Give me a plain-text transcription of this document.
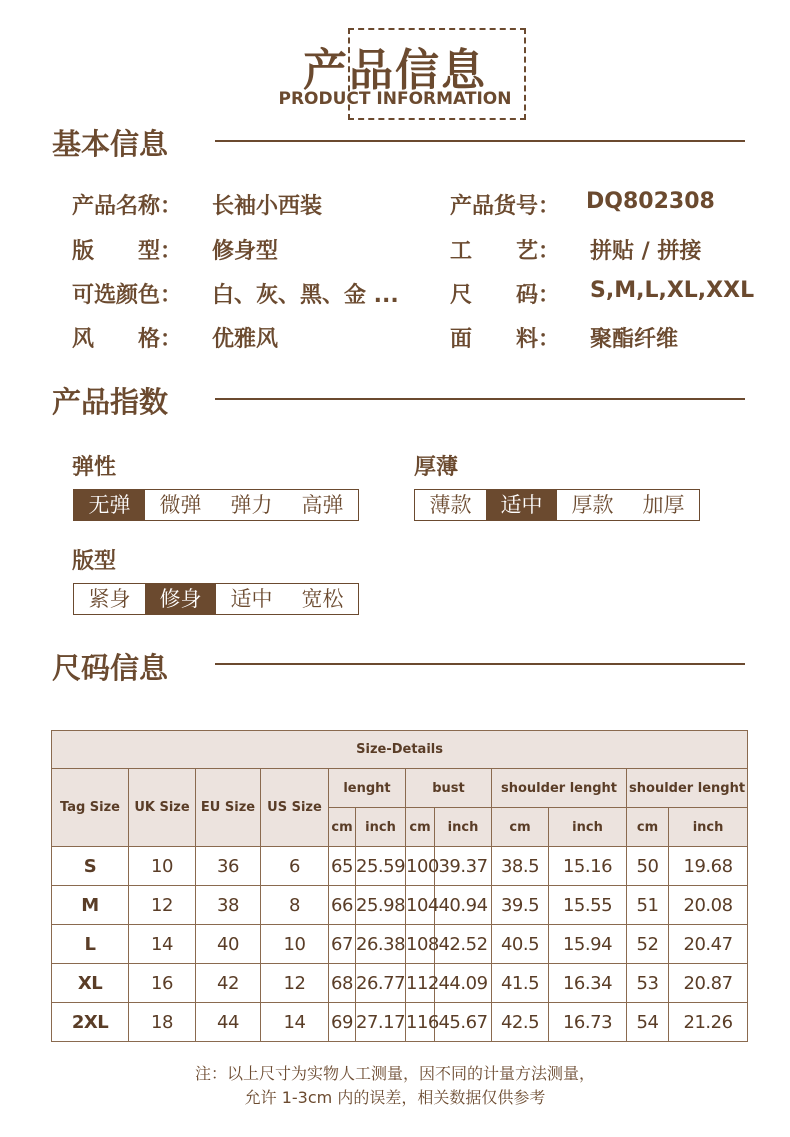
产品信息
PRODUCT INFORMATION
基本信息
产品名称： 长袖小西装
版　　型： 修身型
可选颜色： 白、灰、黑、金 ...
风　　格： 优雅风
产品货号： DQ802308
工　　艺： 拼贴 / 拼接
尺　　码： S,M,L,XL,XXL
面　　料： 聚酯纤维
产品指数
弹性
无弹	微弹	弹力	高弹
厚薄
薄款	适中	厚款	加厚
版型
紧身	修身	适中	宽松
尺码信息
Size-Details											
Tag Size	UK Size	EU Size	US Size	lenght		bust		shoulder lenght		shoulder lenght	
				cm	inch	cm	inch	cm	inch	cm	inch
S	10	36	6	65	25.59	100	39.37	38.5	15.16	50	19.68
M	12	38	8	66	25.98	104	40.94	39.5	15.55	51	20.08
L	14	40	10	67	26.38	108	42.52	40.5	15.94	52	20.47
XL	16	42	12	68	26.77	112	44.09	41.5	16.34	53	20.87
2XL	18	44	14	69	27.17	116	45.67	42.5	16.73	54	21.26
注：以上尺寸为实物人工测量，因不同的计量方法测量，
允许 1-3cm 内的误差，相关数据仅供参考
